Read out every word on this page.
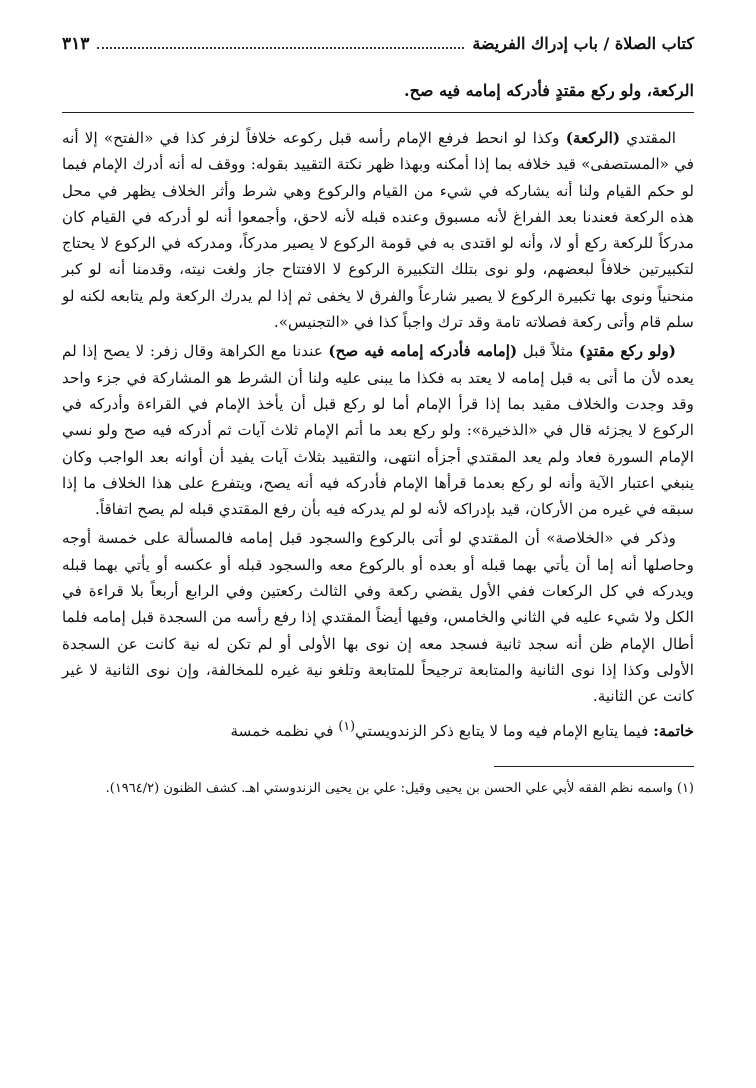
كتاب الصلاة / باب إدراك الفريضة
٣١٣
الركعة، ولو ركع مقتدٍ فأدركه إمامه فيه صح.

المقتدي (الركعة) وكذا لو انحط فرفع الإمام رأسه قبل ركوعه خلافاً لزفر كذا في «الفتح» إلا أنه في «المستصفى» قيد خلافه بما إذا أمكنه وبهذا ظهر نكتة التقييد بقوله: ووقف له أنه أدرك الإمام فيما لو حكم القيام ولنا أنه يشاركه في شيء من القيام والركوع وهي شرط وأثر الخلاف يظهر في محل هذه الركعة فعندنا بعد الفراغ لأنه مسبوق وعنده قبله لأنه لاحق، وأجمعوا أنه لو أدركه في القيام كان مدركاً للركعة ركع أو لا، وأنه لو اقتدى به في قومة الركوع لا يصير مدركاً، ومدركه في الركوع لا يحتاج لتكبيرتين خلافاً لبعضهم، ولو نوى بتلك التكبيرة الركوع لا الافتتاح جاز ولغت نيته، وقدمنا أنه لو كبر منحنياً ونوى بها تكبيرة الركوع لا يصير شارعاً والفرق لا يخفى ثم إذا لم يدرك الركعة ولم يتابعه لكنه لو سلم قام وأتى ركعة فصلاته تامة وقد ترك واجباً كذا في «التجنيس».

(ولو ركع مقتدٍ) مثلاً قبل (إمامه فأدركه إمامه فيه صح) عندنا مع الكراهة وقال زفر: لا يصح إذا لم يعده لأن ما أتى به قبل إمامه لا يعتد به فكذا ما يبنى عليه ولنا أن الشرط هو المشاركة في جزء واحد وقد وجدت والخلاف مقيد بما إذا قرأ الإمام أما لو ركع قبل أن يأخذ الإمام في القراءة وأدركه في الركوع لا يجزئه قال في «الذخيرة»: ولو ركع بعد ما أتم الإمام ثلاث آيات ثم أدركه فيه صح ولو نسي الإمام السورة فعاد ولم يعد المقتدي أجزأه انتهى، والتقييد بثلاث آيات يفيد أن أوانه بعد الواجب وكان ينبغي اعتبار الآية وأنه لو ركع بعدما قرأها الإمام فأدركه فيه أنه يصح، ويتفرع على هذا الخلاف ما إذا سبقه في غيره من الأركان، قيد بإدراكه لأنه لو لم يدركه فيه بأن رفع المقتدي قبله لم يصح اتفاقاً.

وذكر في «الخلاصة» أن المقتدي لو أتى بالركوع والسجود قبل إمامه فالمسألة على خمسة أوجه وحاصلها أنه إما أن يأتي بهما قبله أو بعده أو بالركوع معه والسجود قبله أو عكسه أو يأتي بهما قبله ويدركه في كل الركعات ففي الأول يقضي ركعة وفي الثالث ركعتين وفي الرابع أربعاً بلا قراءة في الكل ولا شيء عليه في الثاني والخامس، وفيها أيضاً المقتدي إذا رفع رأسه من السجدة قبل إمامه فلما أطال الإمام ظن أنه سجد ثانية فسجد معه إن نوى بها الأولى أو لم تكن له نية كانت عن السجدة الأولى وكذا إذا نوى الثانية والمتابعة ترجيحاً للمتابعة وتلغو نية غيره للمخالفة، وإن نوى الثانية لا غير كانت عن الثانية.

خاتمة: فيما يتابع الإمام فيه وما لا يتابع ذكر الزندويستي$^{(١)}$ في نظمه خمسة

(١) واسمه نظم الفقه لأبي علي الحسن بن يحيى وقيل: علي بن يحيى الزندوستي اهـ. كشف الظنون (١٩٦٤/٢).
